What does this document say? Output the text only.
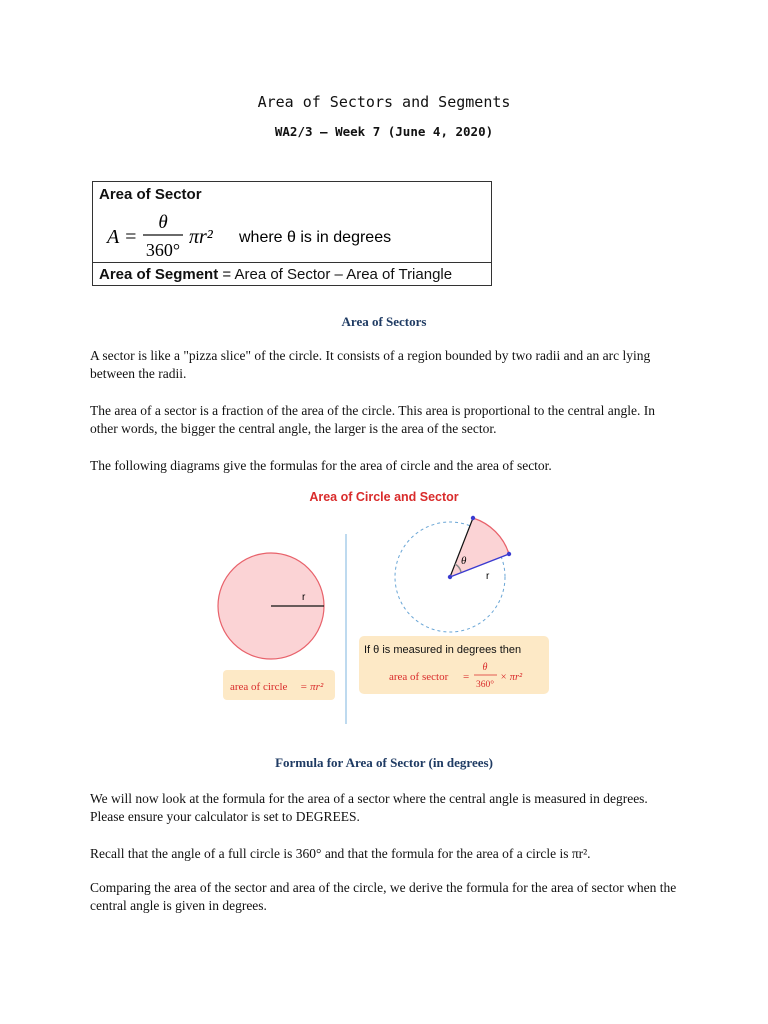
Area of Sectors and Segments
WA2/3 – Week 7 (June 4, 2020)
Area of Sector
A =
θ
360°
πr² where θ is in degrees
Area of Segment = Area of Sector – Area of Triangle
Area of Sectors
A sector is like a "pizza slice" of the circle. It consists of a region bounded by two radii and an arc lying between the radii.
The area of a sector is a fraction of the area of the circle. This area is proportional to the central angle. In other words, the bigger the central angle, the larger is the area of the sector.
The following diagrams give the formulas for the area of circle and the area of sector.
Area of Circle and Sector
r
area of circle = πr²
θ
r
If θ is measured in degrees then
area of sector =
θ
360°
× πr²
Formula for Area of Sector (in degrees)
We will now look at the formula for the area of a sector where the central angle is measured in degrees. Please ensure your calculator is set to DEGREES.
Recall that the angle of a full circle is 360° and that the formula for the area of a circle is πr².
Comparing the area of the sector and area of the circle, we derive the formula for the area of sector when the central angle is given in degrees.
